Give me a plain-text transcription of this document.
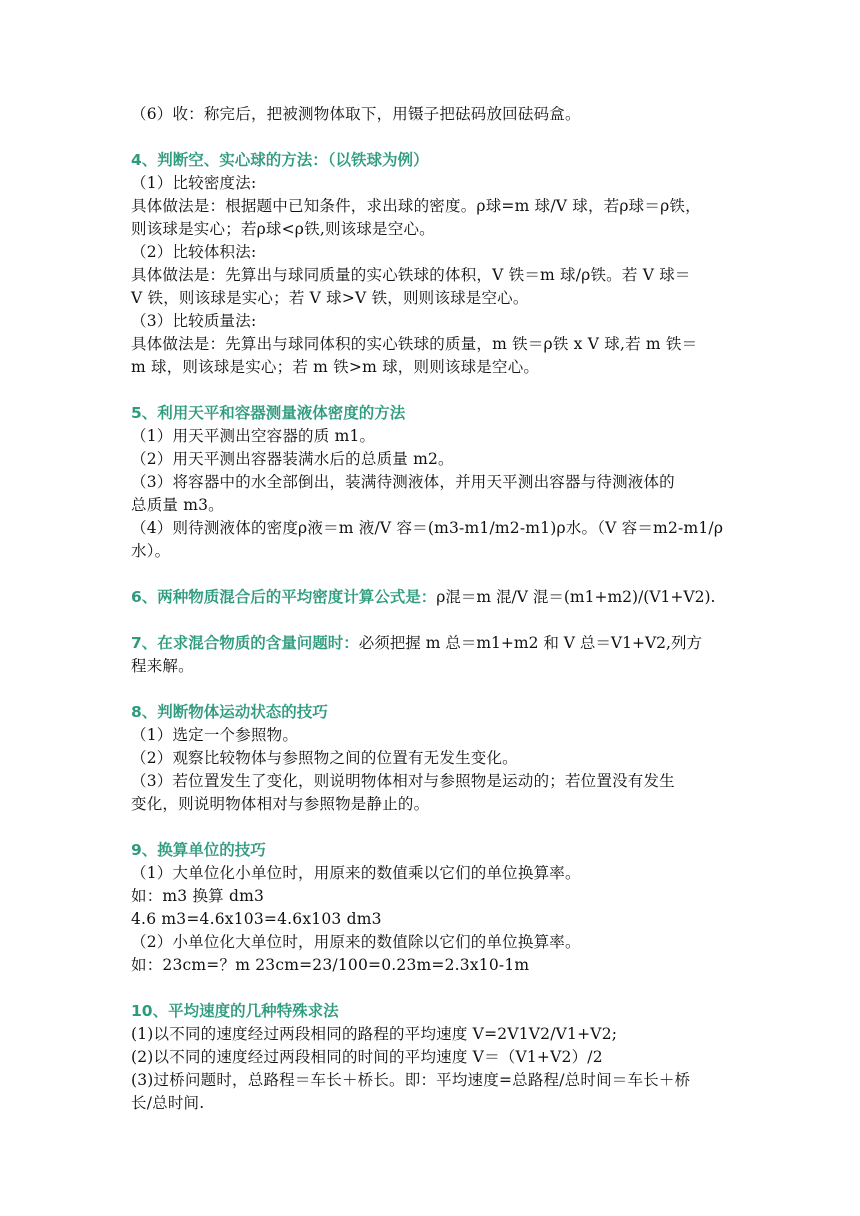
（6）收：称完后，把被测物体取下，用镊子把砝码放回砝码盒。
4、判断空、实心球的方法：（以铁球为例）
（1）比较密度法:
具体做法是：根据题中已知条件，求出球的密度。ρ球=m 球/V 球，若ρ球＝ρ铁，
则该球是实心；若ρ球<ρ铁,则该球是空心。
（2）比较体积法:
具体做法是：先算出与球同质量的实心铁球的体积，V 铁＝m 球/ρ铁。若 V 球＝
V 铁，则该球是实心；若 V 球>V 铁，则则该球是空心。
（3）比较质量法:
具体做法是：先算出与球同体积的实心铁球的质量，m 铁＝ρ铁 x V 球,若 m 铁＝
m 球，则该球是实心；若 m 铁>m 球，则则该球是空心。
5、利用天平和容器测量液体密度的方法
（1）用天平测出空容器的质 m1。
（2）用天平测出容器装满水后的总质量 m2。
（3）将容器中的水全部倒出，装满待测液体，并用天平测出容器与待测液体的
总质量 m3。
（4）则待测液体的密度ρ液＝m 液/V 容＝(m3-m1/m2-m1)ρ水。（V 容＝m2-m1/ρ
水）。
6、两种物质混合后的平均密度计算公式是：ρ混＝m 混/V 混＝(m1+m2)/(V1+V2).
7、在求混合物质的含量问题时：必须把握 m 总＝m1+m2 和 V 总＝V1+V2,列方
程来解。
8、判断物体运动状态的技巧
（1）选定一个参照物。
（2）观察比较物体与参照物之间的位置有无发生变化。
（3）若位置发生了变化，则说明物体相对与参照物是运动的；若位置没有发生
变化，则说明物体相对与参照物是静止的。
9、换算单位的技巧
（1）大单位化小单位时，用原来的数值乘以它们的单位换算率。
如：m3 换算 dm3
4.6 m3=4.6x103=4.6x103 dm3
（2）小单位化大单位时，用原来的数值除以它们的单位换算率。
如：23cm=？m 23cm=23/100=0.23m=2.3x10-1m
10、平均速度的几种特殊求法
(1)以不同的速度经过两段相同的路程的平均速度 V=2V1V2/V1+V2;
(2)以不同的速度经过两段相同的时间的平均速度 V＝（V1+V2）/2
(3)过桥问题时，总路程＝车长＋桥长。即：平均速度=总路程/总时间＝车长＋桥
长/总时间.
